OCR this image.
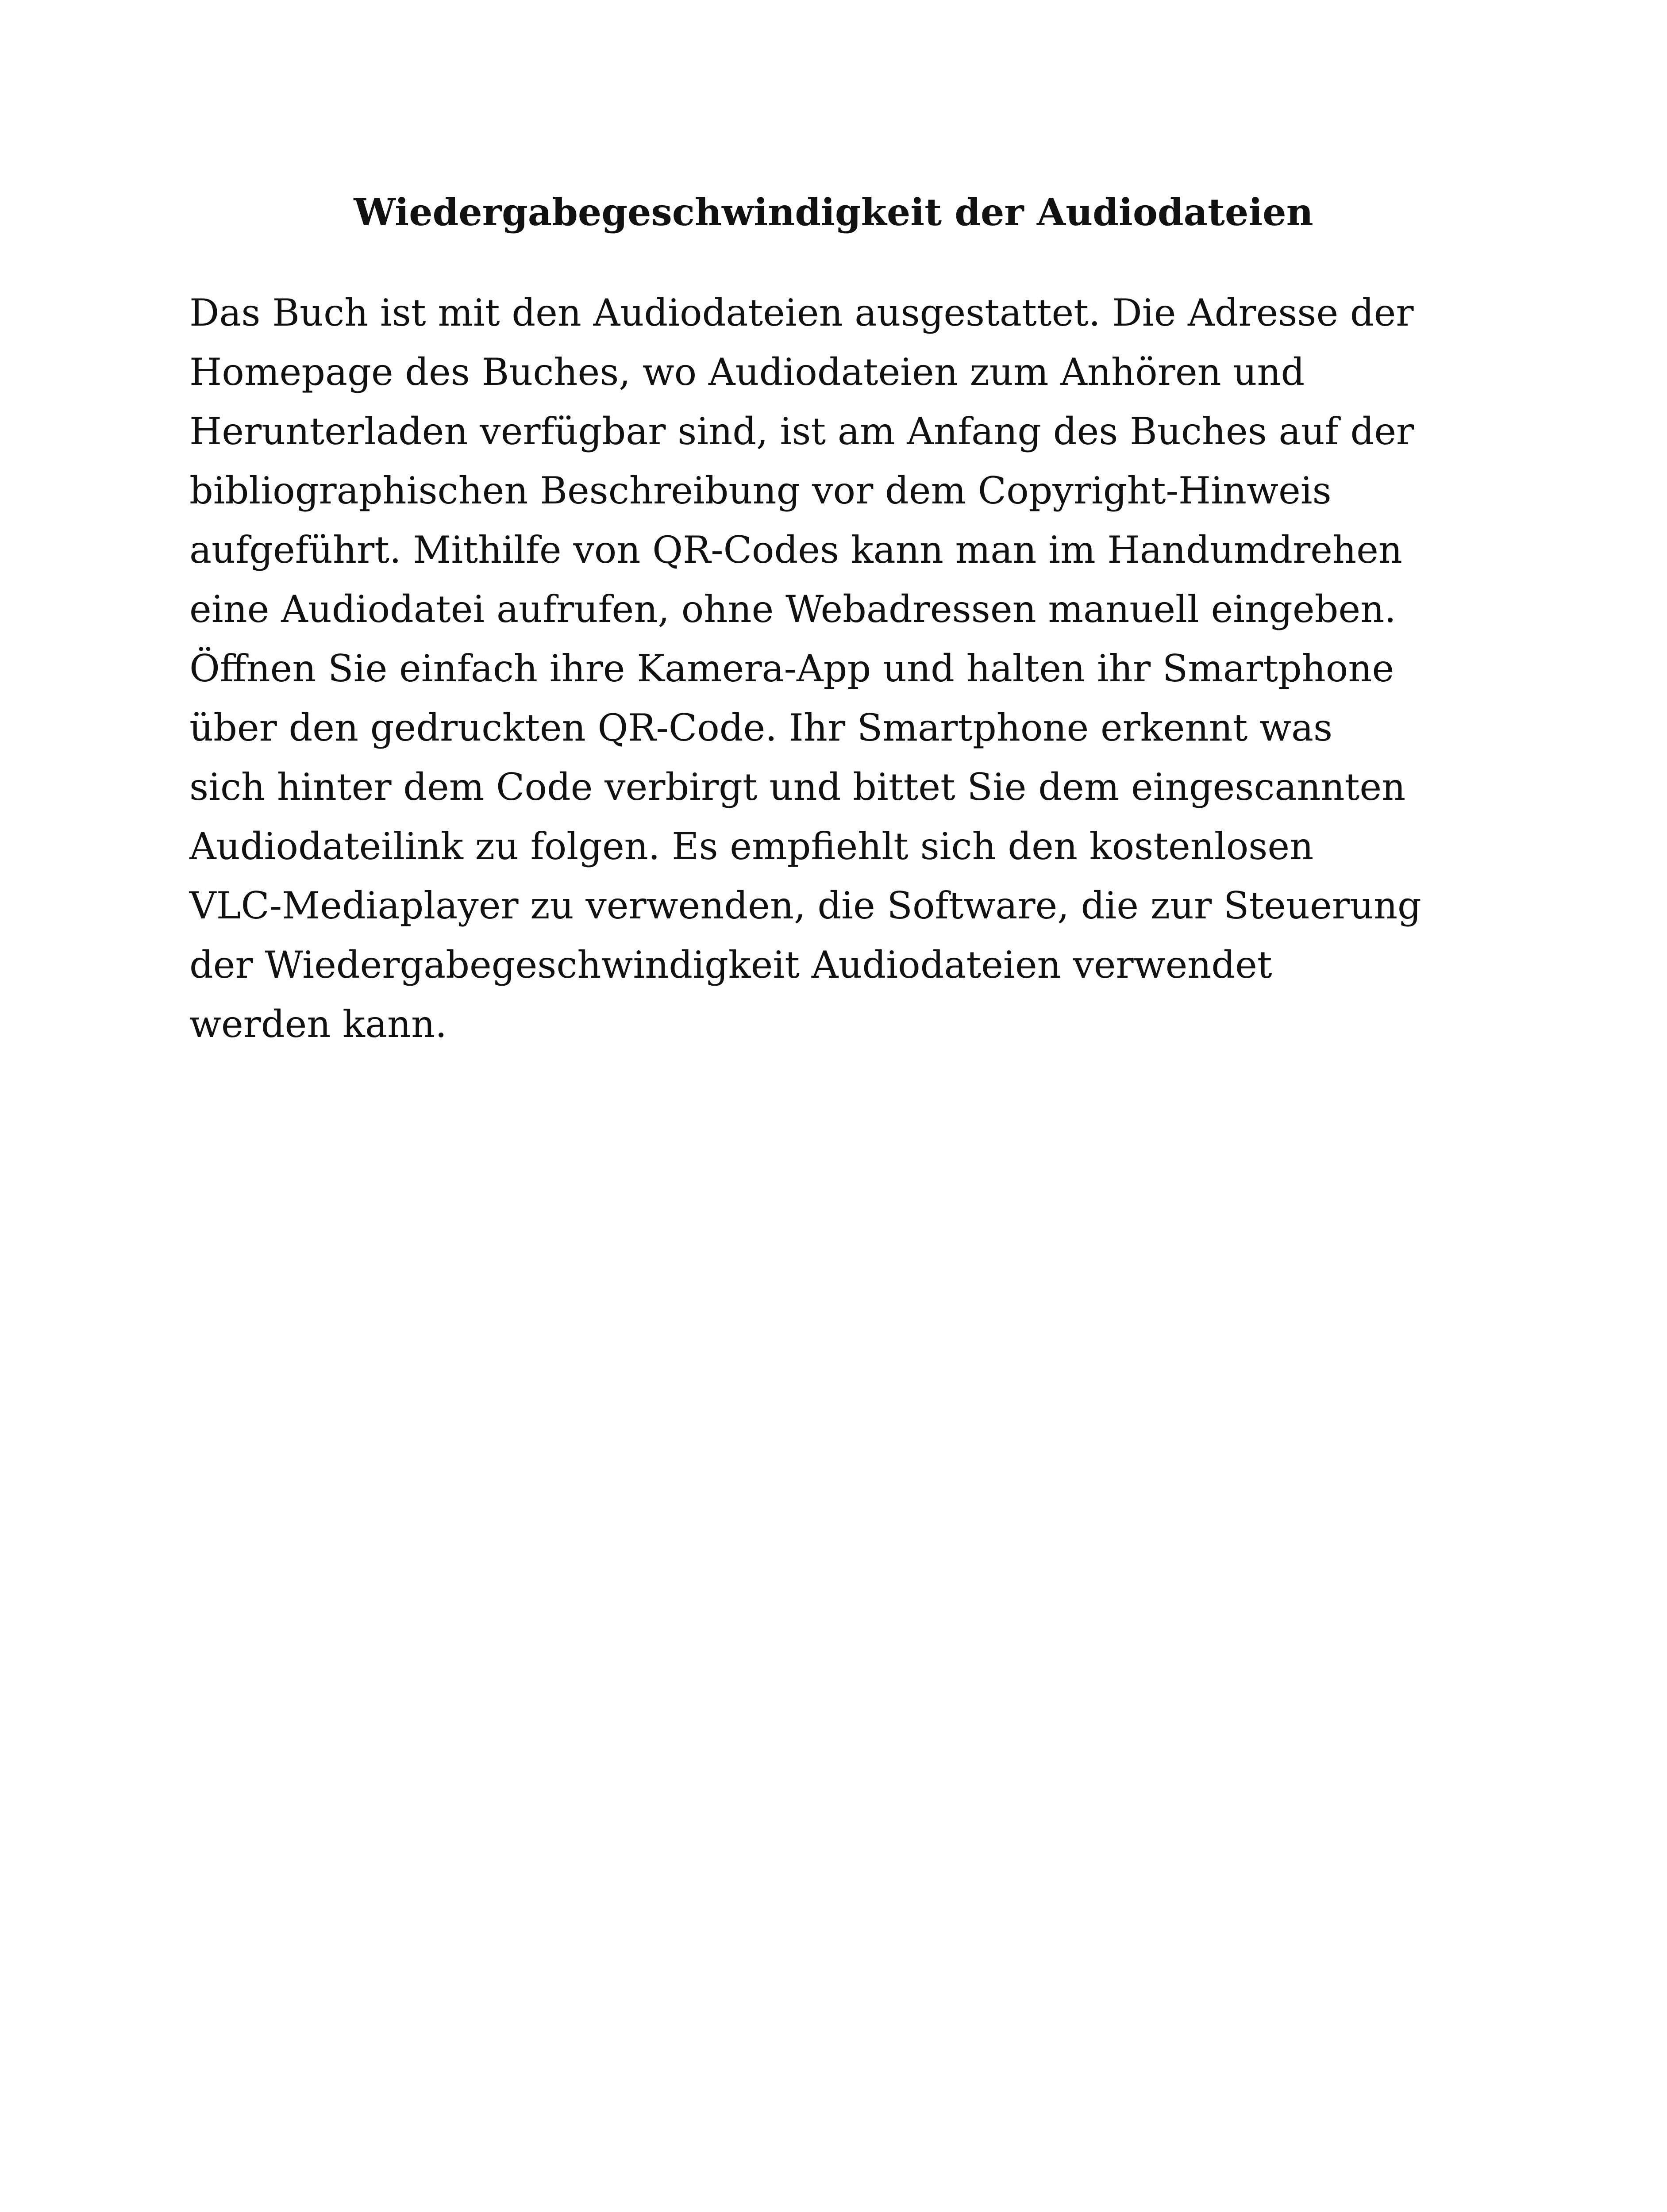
Wiedergabegeschwindigkeit der Audiodateien
Das Buch ist mit den Audiodateien ausgestattet. Die Adresse der
Homepage des Buches, wo Audiodateien zum Anhören und
Herunterladen verfügbar sind, ist am Anfang des Buches auf der
bibliographischen Beschreibung vor dem Copyright-Hinweis
aufgeführt. Mithilfe von QR-Codes kann man im Handumdrehen
eine Audiodatei aufrufen, ohne Webadressen manuell eingeben.
Öffnen Sie einfach ihre Kamera-App und halten ihr Smartphone
über den gedruckten QR-Code. Ihr Smartphone erkennt was
sich hinter dem Code verbirgt und bittet Sie dem eingescannten
Audiodateilink zu folgen. Es empfiehlt sich den kostenlosen
VLC-Mediaplayer zu verwenden, die Software, die zur Steuerung
der Wiedergabegeschwindigkeit Audiodateien verwendet
werden kann.
